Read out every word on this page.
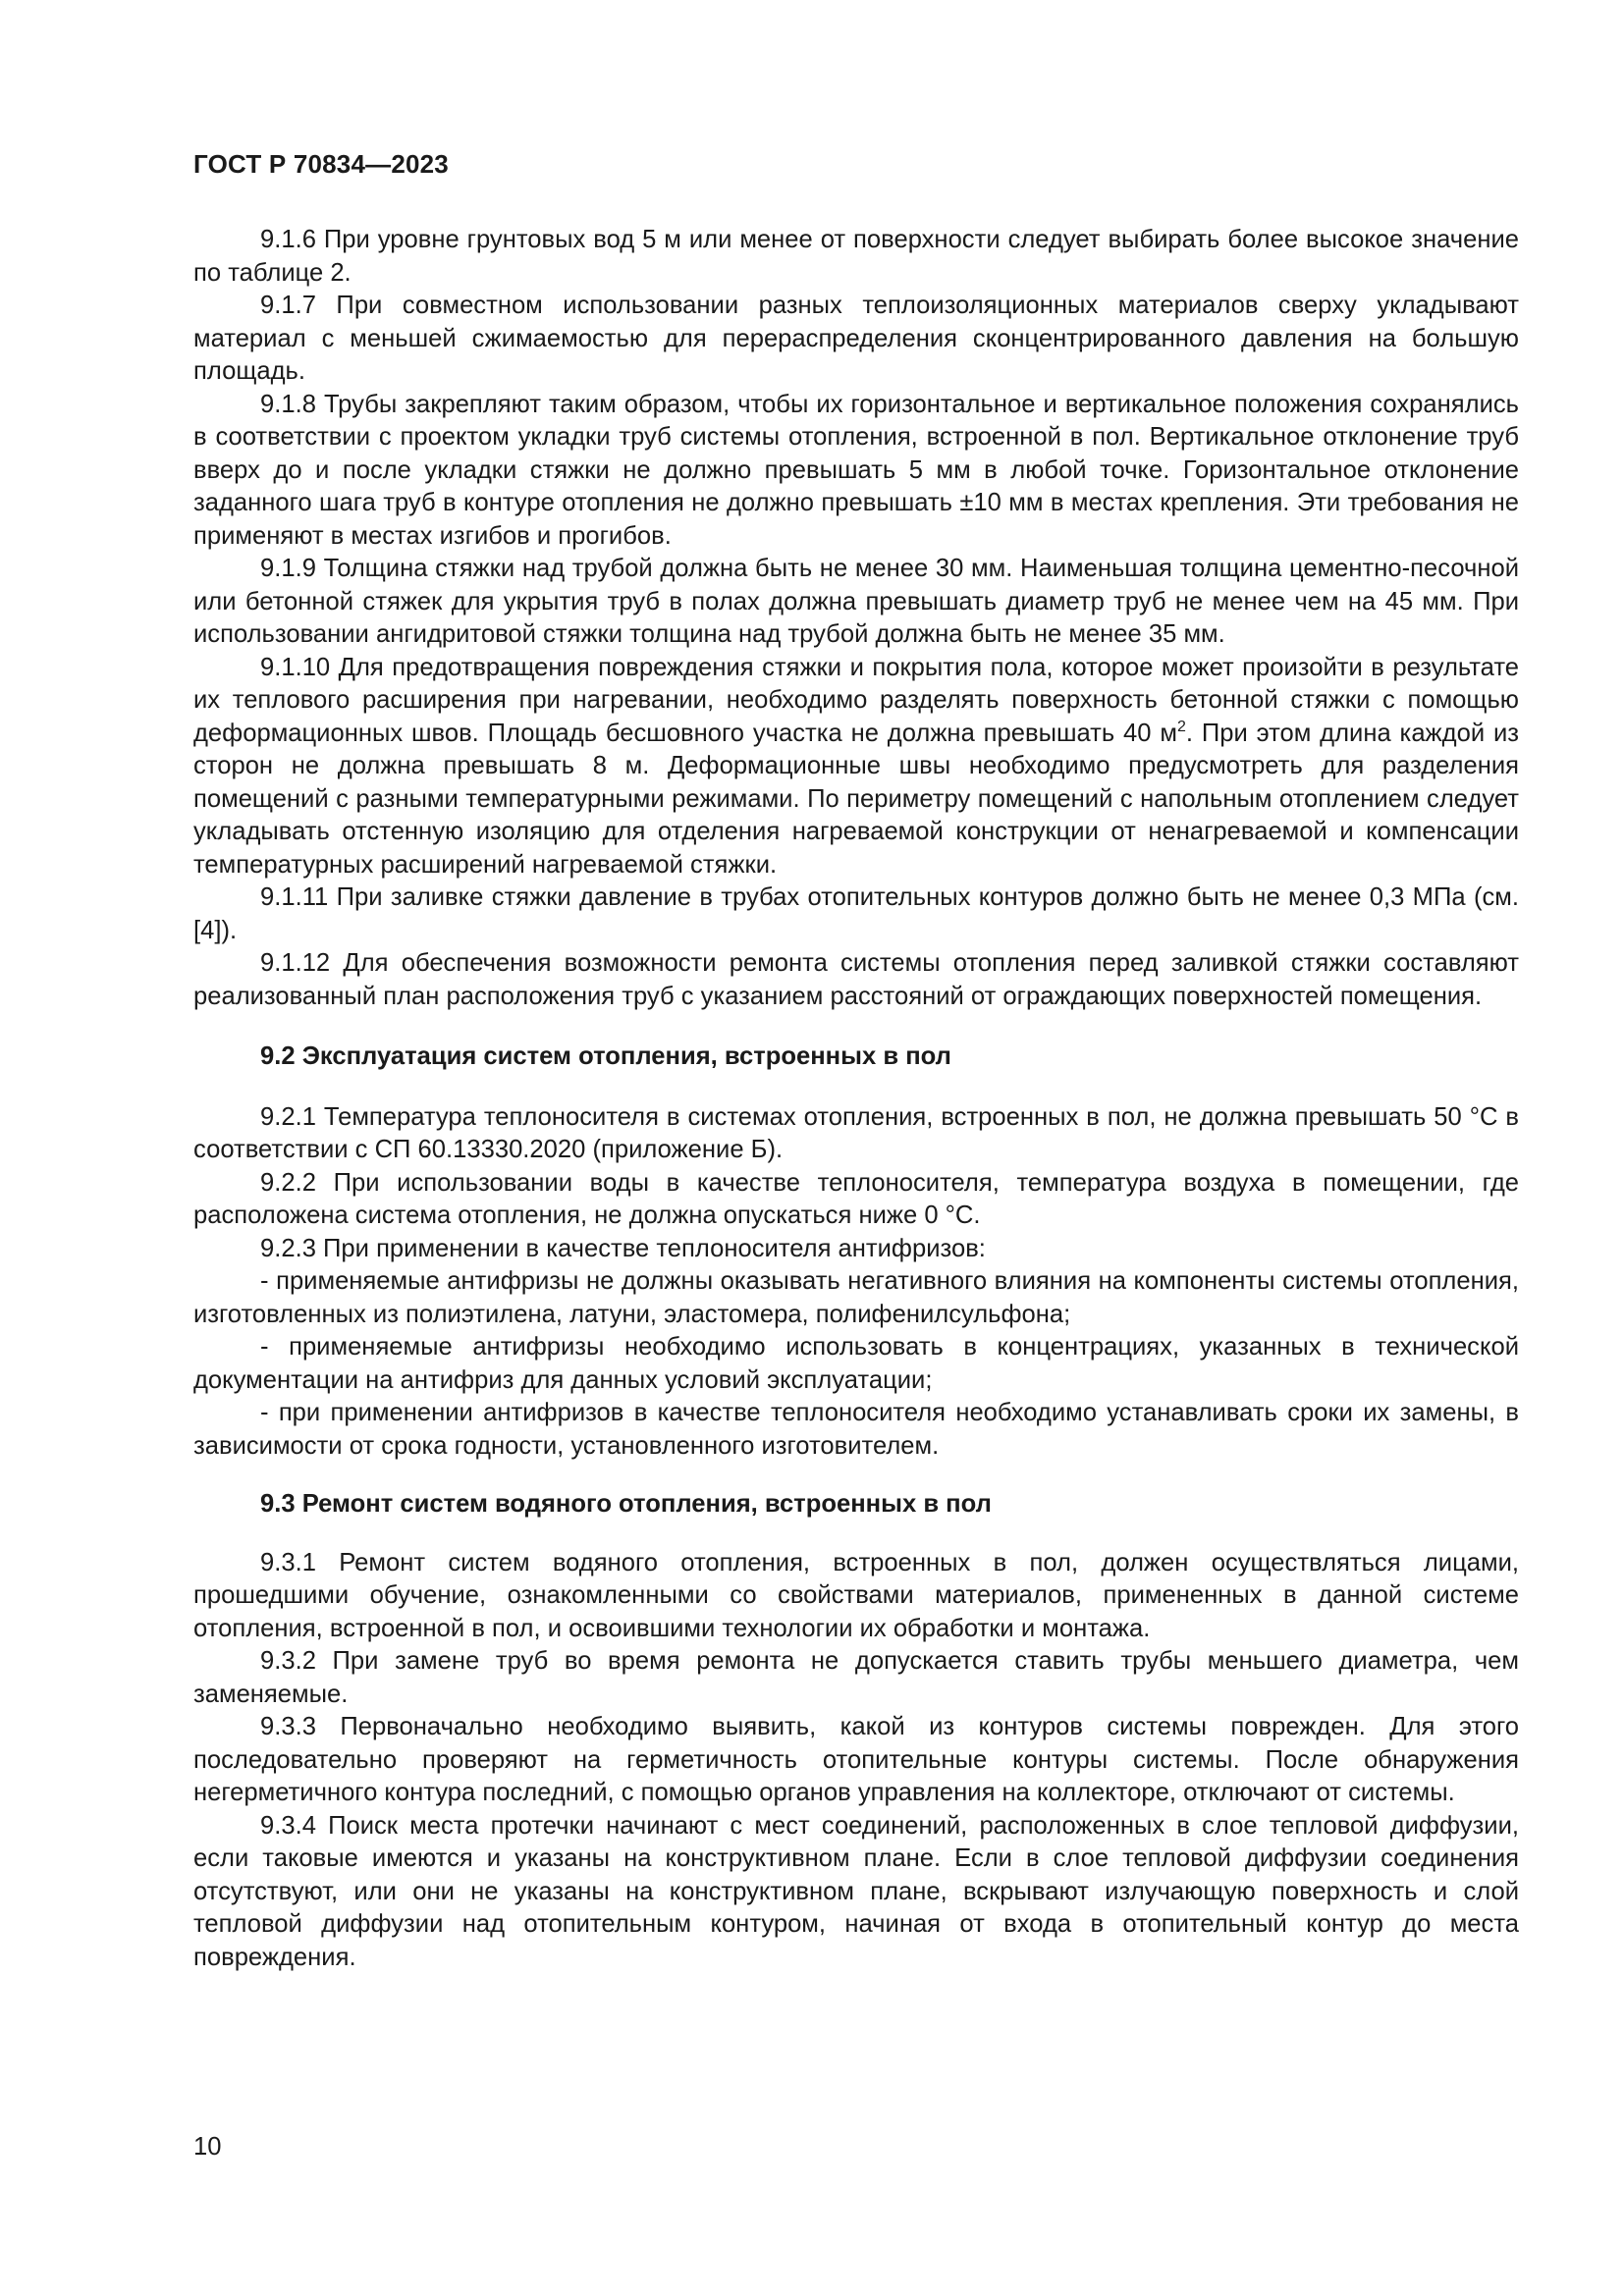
ГОСТ Р 70834—2023

9.1.6 При уровне грунтовых вод 5 м или менее от поверхности следует выбирать более высокое значение по таблице 2.

9.1.7 При совместном использовании разных теплоизоляционных материалов сверху укладывают материал с меньшей сжимаемостью для перераспределения сконцентрированного давления на большую площадь.

9.1.8 Трубы закрепляют таким образом, чтобы их горизонтальное и вертикальное положения сохранялись в соответствии с проектом укладки труб системы отопления, встроенной в пол. Вертикальное отклонение труб вверх до и после укладки стяжки не должно превышать 5 мм в любой точке. Горизонтальное отклонение заданного шага труб в контуре отопления не должно превышать ±10 мм в местах крепления. Эти требования не применяют в местах изгибов и прогибов.

9.1.9 Толщина стяжки над трубой должна быть не менее 30 мм. Наименьшая толщина цементно-песочной или бетонной стяжек для укрытия труб в полах должна превышать диаметр труб не менее чем на 45 мм. При использовании ангидритовой стяжки толщина над трубой должна быть не менее 35 мм.

9.1.10 Для предотвращения повреждения стяжки и покрытия пола, которое может произойти в результате их теплового расширения при нагревании, необходимо разделять поверхность бетонной стяжки с помощью деформационных швов. Площадь бесшовного участка не должна превышать 40 $м^2$. При этом длина каждой из сторон не должна превышать 8 м. Деформационные швы необходимо предусмотреть для разделения помещений с разными температурными режимами. По периметру помещений с напольным отоплением следует укладывать отстенную изоляцию для отделения нагреваемой конструкции от ненагреваемой и компенсации температурных расширений нагреваемой стяжки.

9.1.11 При заливке стяжки давление в трубах отопительных контуров должно быть не менее 0,3 МПа (см. [4]).

9.1.12 Для обеспечения возможности ремонта системы отопления перед заливкой стяжки составляют реализованный план расположения труб с указанием расстояний от ограждающих поверхностей помещения.

9.2 Эксплуатация систем отопления, встроенных в пол

9.2.1 Температура теплоносителя в системах отопления, встроенных в пол, не должна превышать 50 °С в соответствии с СП 60.13330.2020 (приложение Б).

9.2.2 При использовании воды в качестве теплоносителя, температура воздуха в помещении, где расположена система отопления, не должна опускаться ниже 0 °С.

9.2.3 При применении в качестве теплоносителя антифризов:

- применяемые антифризы не должны оказывать негативного влияния на компоненты системы отопления, изготовленных из полиэтилена, латуни, эластомера, полифенилсульфона;

- применяемые антифризы необходимо использовать в концентрациях, указанных в технической документации на антифриз для данных условий эксплуатации;

- при применении антифризов в качестве теплоносителя необходимо устанавливать сроки их замены, в зависимости от срока годности, установленного изготовителем.

9.3 Ремонт систем водяного отопления, встроенных в пол

9.3.1 Ремонт систем водяного отопления, встроенных в пол, должен осуществляться лицами, прошедшими обучение, ознакомленными со свойствами материалов, примененных в данной системе отопления, встроенной в пол, и освоившими технологии их обработки и монтажа.

9.3.2 При замене труб во время ремонта не допускается ставить трубы меньшего диаметра, чем заменяемые.

9.3.3 Первоначально необходимо выявить, какой из контуров системы поврежден. Для этого последовательно проверяют на герметичность отопительные контуры системы. После обнаружения негерметичного контура последний, с помощью органов управления на коллекторе, отключают от системы.

9.3.4 Поиск места протечки начинают с мест соединений, расположенных в слое тепловой диффузии, если таковые имеются и указаны на конструктивном плане. Если в слое тепловой диффузии соединения отсутствуют, или они не указаны на конструктивном плане, вскрывают излучающую поверхность и слой тепловой диффузии над отопительным контуром, начиная от входа в отопительный контур до места повреждения.

10
